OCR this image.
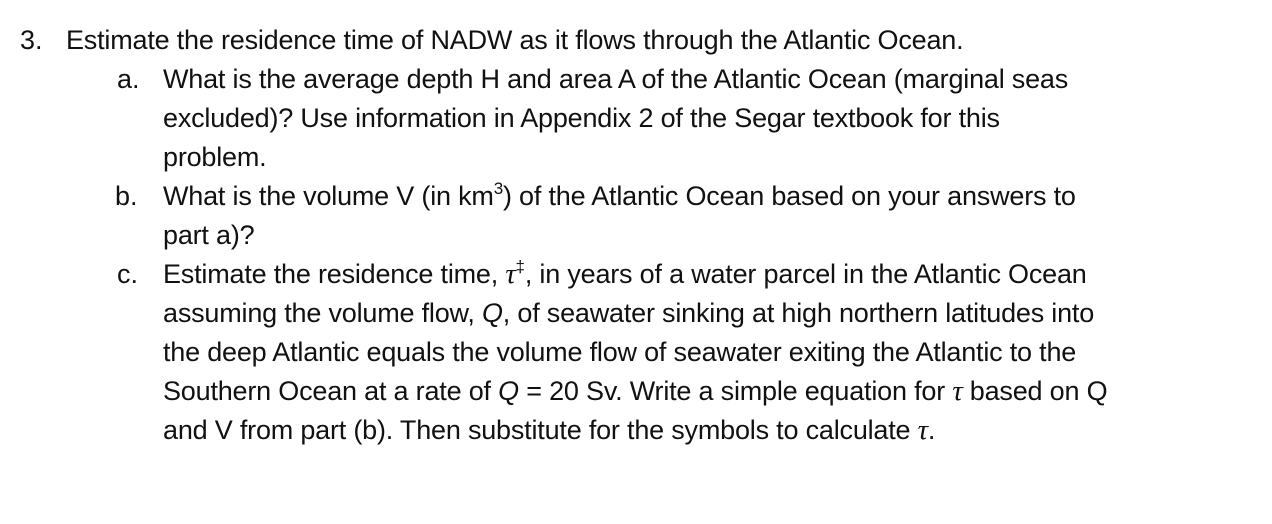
3. Estimate the residence time of NADW as it flows through the Atlantic Ocean.
a. What is the average depth H and area A of the Atlantic Ocean (marginal seas
excluded)? Use information in Appendix 2 of the Segar textbook for this
problem.
b. What is the volume V (in $km^3$) of the Atlantic Ocean based on your answers to
part a)?
c. Estimate the residence time, τ‡, in years of a water parcel in the Atlantic Ocean
assuming the volume flow, Q, of seawater sinking at high northern latitudes into
the deep Atlantic equals the volume flow of seawater exiting the Atlantic to the
Southern Ocean at a rate of Q = 20 Sv. Write a simple equation for τ based on Q
and V from part (b). Then substitute for the symbols to calculate τ.
